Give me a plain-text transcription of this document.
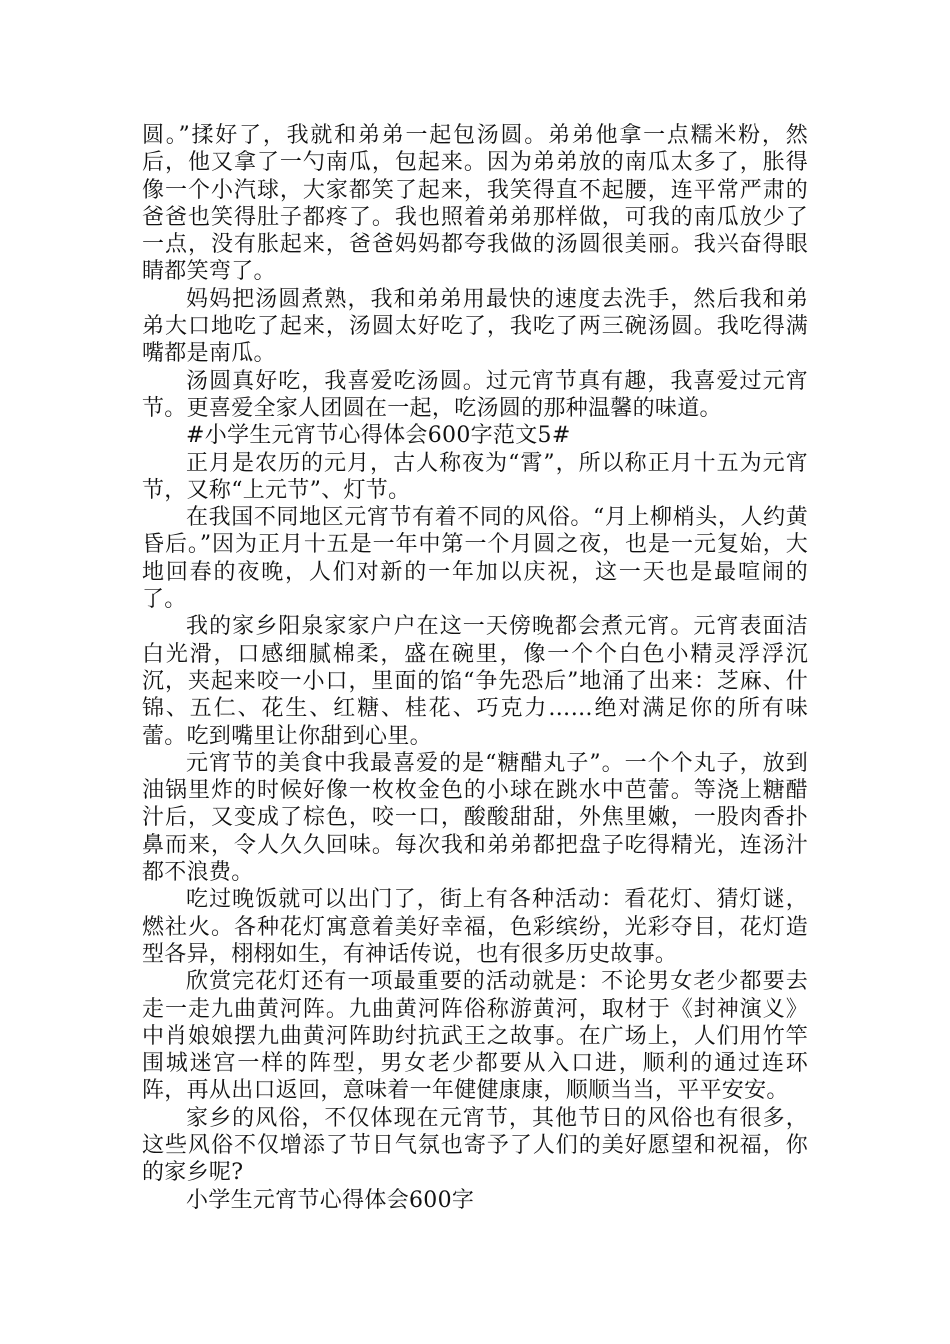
圆。”揉好了，我就和弟弟一起包汤圆。弟弟他拿一点糯米粉，然后，他又拿了一勺南瓜，包起来。因为弟弟放的南瓜太多了，胀得像一个小汽球，大家都笑了起来，我笑得直不起腰，连平常严肃的爸爸也笑得肚子都疼了。我也照着弟弟那样做，可我的南瓜放少了一点，没有胀起来，爸爸妈妈都夸我做的汤圆很美丽。我兴奋得眼睛都笑弯了。

妈妈把汤圆煮熟，我和弟弟用最快的速度去洗手，然后我和弟弟大口地吃了起来，汤圆太好吃了，我吃了两三碗汤圆。我吃得满嘴都是南瓜。

汤圆真好吃，我喜爱吃汤圆。过元宵节真有趣，我喜爱过元宵节。更喜爱全家人团圆在一起，吃汤圆的那种温馨的味道。

#小学生元宵节心得体会600字范文5#

正月是农历的元月，古人称夜为“霄”，所以称正月十五为元宵节，又称“上元节”、灯节。

在我国不同地区元宵节有着不同的风俗。“月上柳梢头，人约黄昏后。”因为正月十五是一年中第一个月圆之夜，也是一元复始，大地回春的夜晚，人们对新的一年加以庆祝，这一天也是最喧闹的了。

我的家乡阳泉家家户户在这一天傍晚都会煮元宵。元宵表面洁白光滑，口感细腻棉柔，盛在碗里，像一个个白色小精灵浮浮沉沉，夹起来咬一小口，里面的馅“争先恐后”地涌了出来：芝麻、什锦、五仁、花生、红糖、桂花、巧克力……绝对满足你的所有味蕾。吃到嘴里让你甜到心里。

元宵节的美食中我最喜爱的是“糖醋丸子”。一个个丸子，放到油锅里炸的时候好像一枚枚金色的小球在跳水中芭蕾。等浇上糖醋汁后，又变成了棕色，咬一口，酸酸甜甜，外焦里嫩，一股肉香扑鼻而来，令人久久回味。每次我和弟弟都把盘子吃得精光，连汤汁都不浪费。

吃过晚饭就可以出门了，街上有各种活动：看花灯、猜灯谜，燃社火。各种花灯寓意着美好幸福，色彩缤纷，光彩夺目，花灯造型各异，栩栩如生，有神话传说，也有很多历史故事。

欣赏完花灯还有一项最重要的活动就是：不论男女老少都要去走一走九曲黄河阵。九曲黄河阵俗称游黄河，取材于《封神演义》中肖娘娘摆九曲黄河阵助纣抗武王之故事。在广场上，人们用竹竿围城迷宫一样的阵型，男女老少都要从入口进，顺利的通过连环阵，再从出口返回，意味着一年健健康康，顺顺当当，平平安安。

家乡的风俗，不仅体现在元宵节，其他节日的风俗也有很多，这些风俗不仅增添了节日气氛也寄予了人们的美好愿望和祝福，你的家乡呢?

小学生元宵节心得体会600字
